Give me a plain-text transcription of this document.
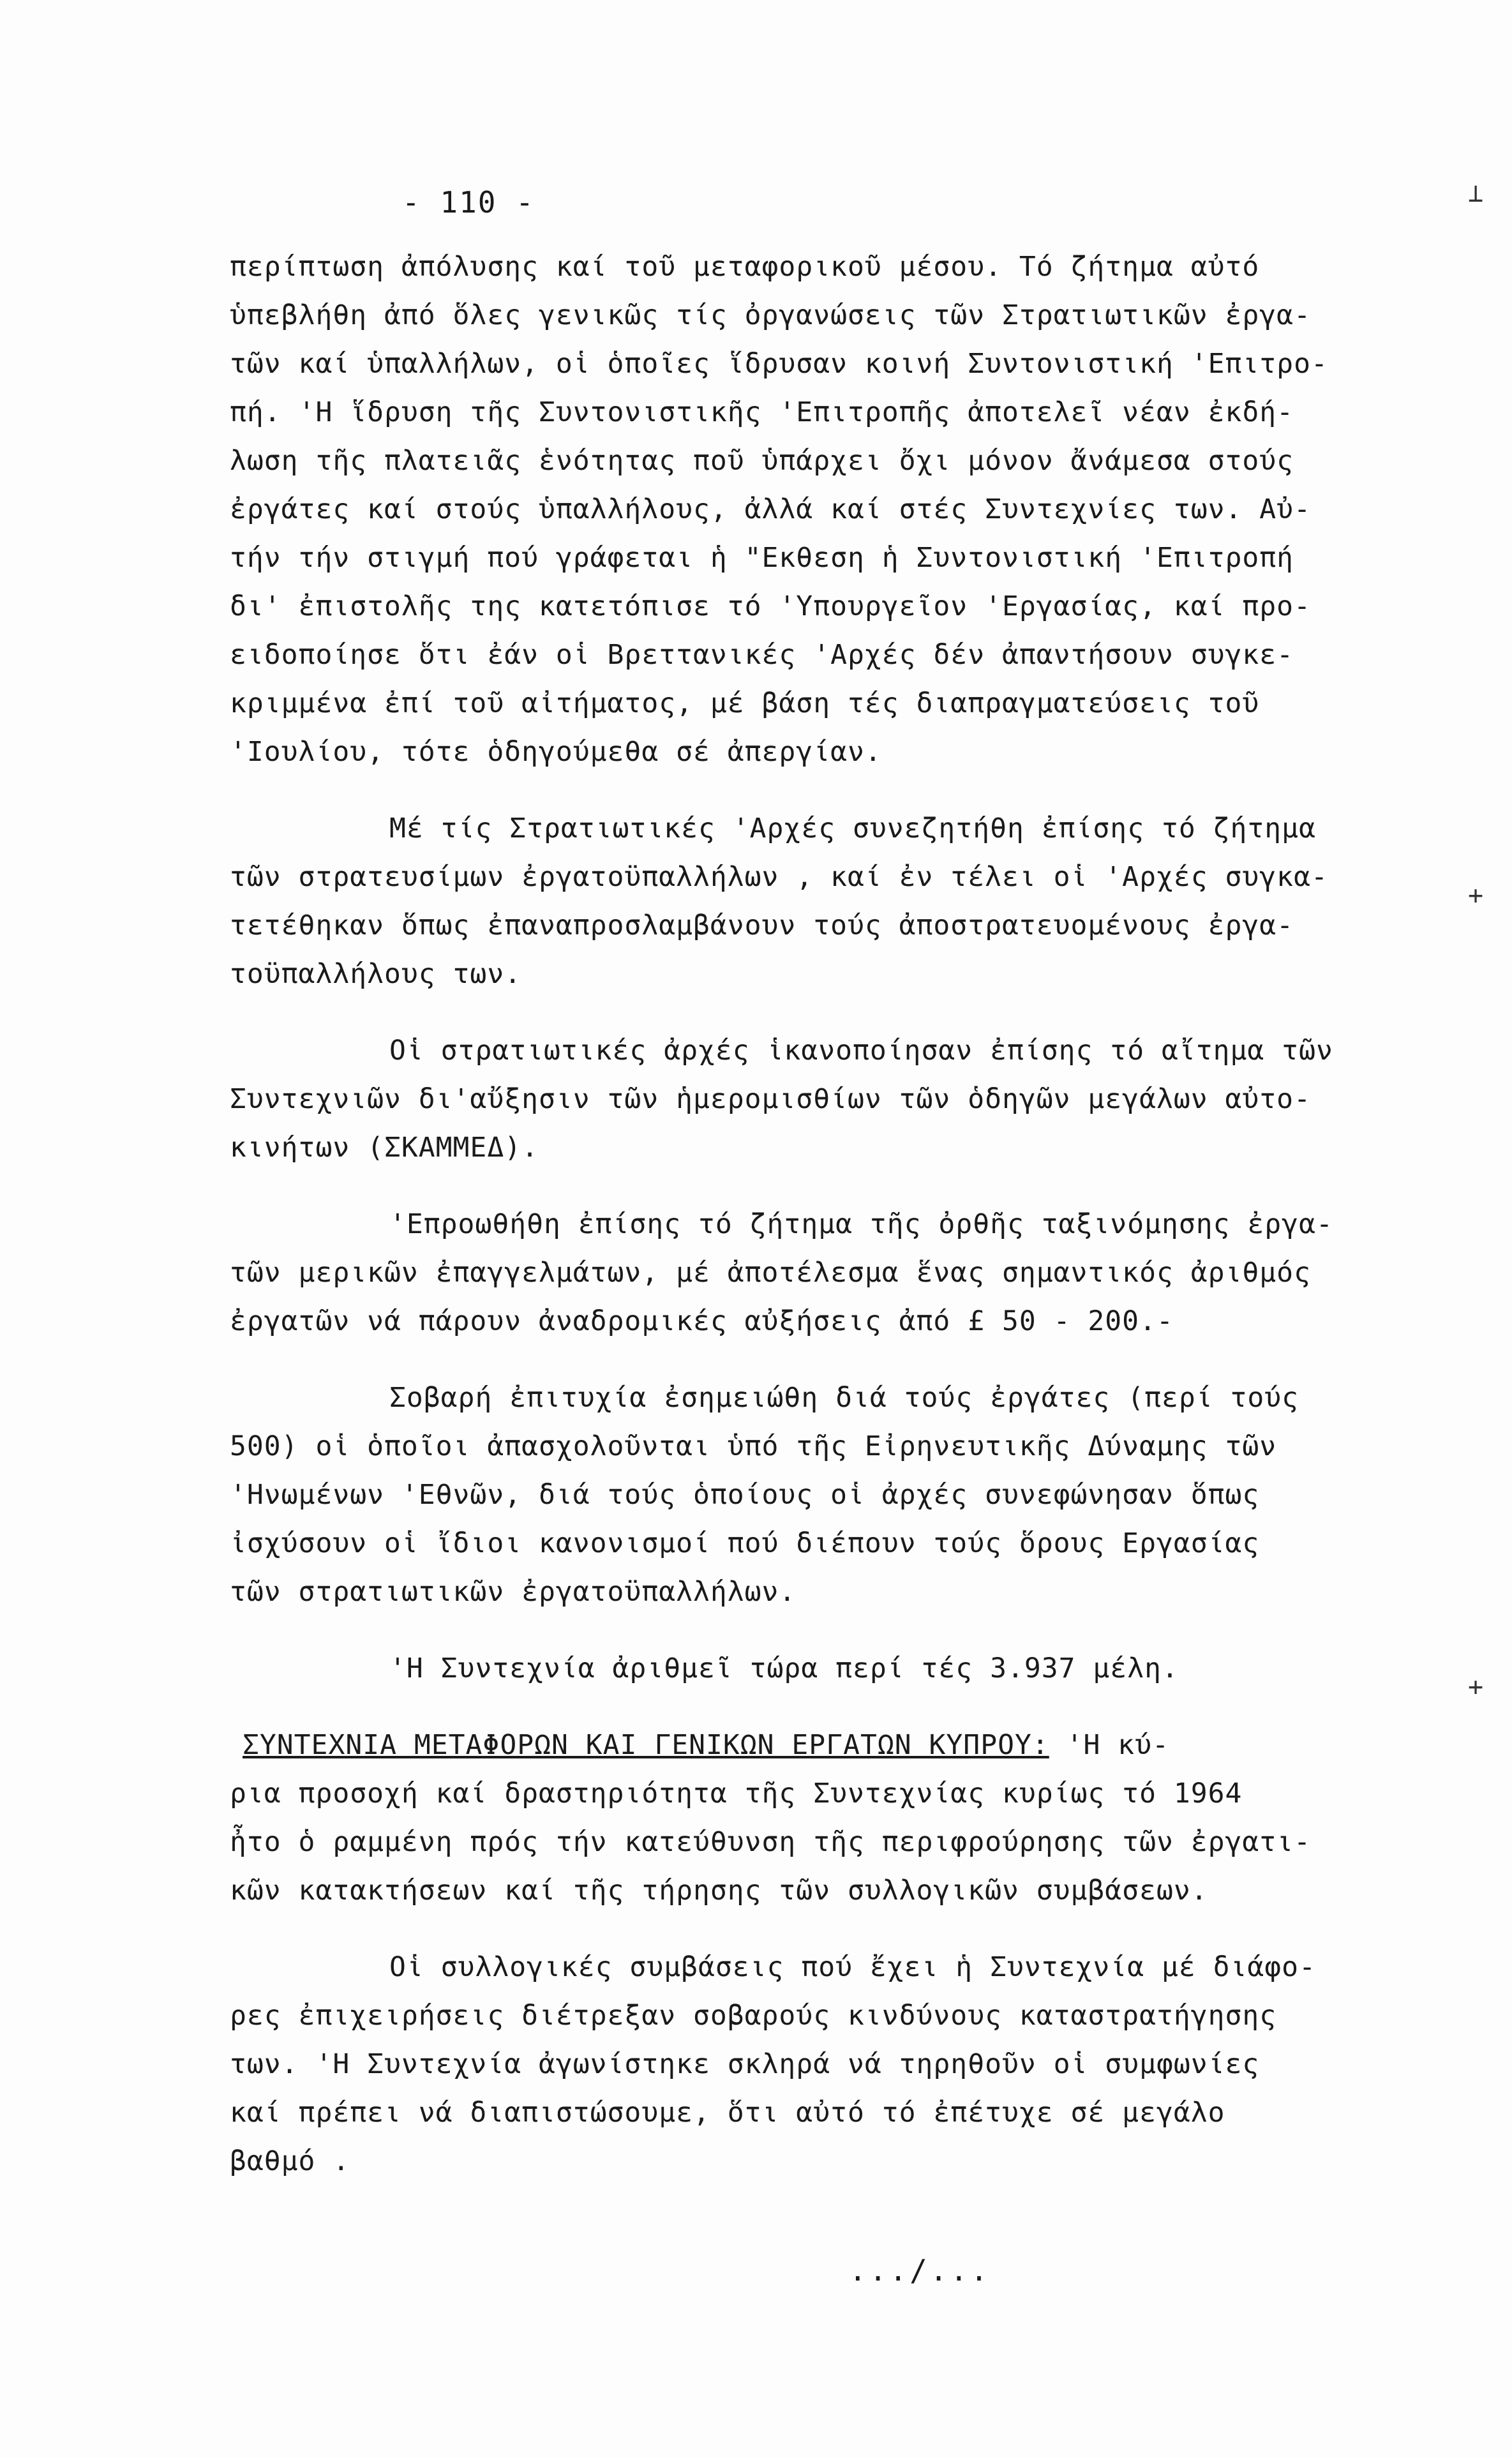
- 110 -
περίπτωση ἀπόλυσης καί τοῦ μεταφορικοῦ μέσου. Τό ζήτημα αὐτό
ὑπεβλήθη ἀπό ὅλες γενικῶς τίς ὀργανώσεις τῶν Στρατιωτικῶν ἐργα-
τῶν καί ὑπαλλήλων, οἱ ὁποῖες ἵδρυσαν κοινή Συντονιστική 'Επιτρο-
πή. 'Η ἵδρυση τῆς Συντονιστικῆς 'Επιτροπῆς ἀποτελεῖ νέαν ἐκδή-
λωση τῆς πλατειᾶς ἑνότητας ποῦ ὑπάρχει ὄχι μόνον ἄνάμεσα στούς
ἐργάτες καί στούς ὑπαλλήλους, ἀλλά καί στές Συντεχνίες των. Αὐ-
τήν τήν στιγμή πού γράφεται ἡ "Εκθεση ἡ Συντονιστική 'Επιτροπή
δι' ἐπιστολῆς της κατετόπισε τό 'Υπουργεῖον 'Εργασίας, καί προ-
ειδοποίησε ὅτι ἐάν οἱ Βρεττανικές 'Αρχές δέν ἀπαντήσουν συγκε-
κριμμένα ἐπί τοῦ αἰτήματος, μέ βάση τές διαπραγματεύσεις τοῦ
'Ιουλίου, τότε ὁδηγούμεθα σέ ἀπεργίαν.
Μέ τίς Στρατιωτικές 'Αρχές συνεζητήθη ἐπίσης τό ζήτημα
τῶν στρατευσίμων ἐργατοϋπαλλήλων , καί ἐν τέλει οἱ 'Αρχές συγκα-
τετέθηκαν ὅπως ἐπαναπροσλαμβάνουν τούς ἀποστρατευομένους ἐργα-
τοϋπαλλήλους των.
Οἱ στρατιωτικές ἀρχές ἱκανοποίησαν ἐπίσης τό αἴτημα τῶν
Συντεχνιῶν δι'αὔξησιν τῶν ἡμερομισθίων τῶν ὁδηγῶν μεγάλων αὐτο-
κινήτων (ΣΚΑΜΜΕΔ).
'Επροωθήθη ἐπίσης τό ζήτημα τῆς ὀρθῆς ταξινόμησης ἐργα-
τῶν μερικῶν ἐπαγγελμάτων, μέ ἀποτέλεσμα ἕνας σημαντικός ἀριθμός
ἐργατῶν νά πάρουν ἀναδρομικές αὐξήσεις ἀπό £ 50 - 200.-
Σοβαρή ἐπιτυχία ἐσημειώθη διά τούς ἐργάτες (περί τούς
500) οἱ ὁποῖοι ἀπασχολοῦνται ὑπό τῆς Εἰρηνευτικῆς Δύναμης τῶν
'Ηνωμένων 'Εθνῶν, διά τούς ὁποίους οἱ ἀρχές συνεφώνησαν ὅπως
ἰσχύσουν οἱ ἴδιοι κανονισμοί πού διέπουν τούς ὅρους Εργασίας
τῶν στρατιωτικῶν ἐργατοϋπαλλήλων.
'Η Συντεχνία ἀριθμεῖ τώρα περί τές 3.937 μέλη.
ΣΥΝΤΕΧΝΙΑ ΜΕΤΑΦΟΡΩΝ ΚΑΙ ΓΕΝΙΚΩΝ ΕΡΓΑΤΩΝ ΚΥΠΡΟΥ: 'Η κύ-
ρια προσοχή καί δραστηριότητα τῆς Συντεχνίας κυρίως τό 1964
ἦτο ὁ ραμμένη πρός τήν κατεύθυνση τῆς περιφρούρησης τῶν ἐργατι-
κῶν κατακτήσεων καί τῆς τήρησης τῶν συλλογικῶν συμβάσεων.
Οἱ συλλογικές συμβάσεις πού ἔχει ἡ Συντεχνία μέ διάφο-
ρες ἐπιχειρήσεις διέτρεξαν σοβαρούς κινδύνους καταστρατήγησης
των. 'Η Συντεχνία ἀγωνίστηκε σκληρά νά τηρηθοῦν οἱ συμφωνίες
καί πρέπει νά διαπιστώσουμε, ὅτι αὐτό τό ἐπέτυχε σέ μεγάλο
βαθμό .
.../...
⊥
+
+
